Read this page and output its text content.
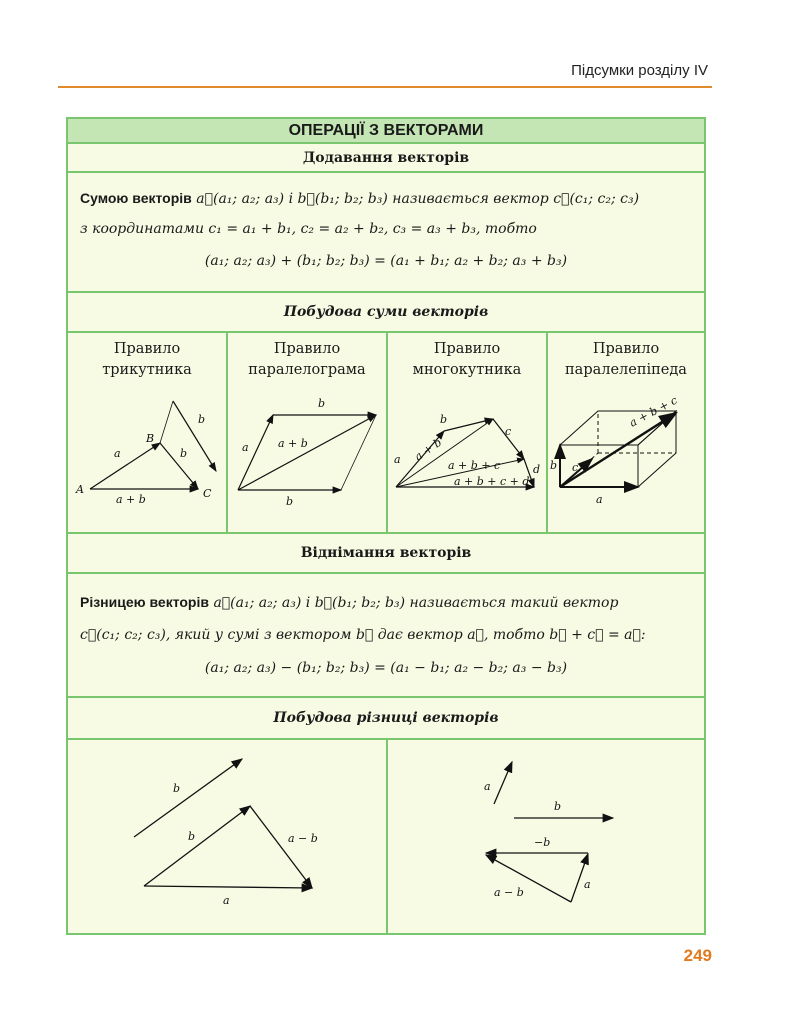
Підсумки розділу IV
ОПЕРАЦІЇ З ВЕКТОРАМИ
Додавання векторів
Сумою векторів a⃗(a₁; a₂; a₃) і b⃗(b₁; b₂; b₃) називається вектор c⃗(c₁; c₂; c₃)
з координатами c₁ = a₁ + b₁, c₂ = a₂ + b₂, c₃ = a₃ + b₃, тобто
(a₁; a₂; a₃) + (b₁; b₂; b₃) = (a₁ + b₁; a₂ + b₂; a₃ + b₃)
Побудова суми векторів
Правило
трикутника
A
B
C
a	b
b
a + b
Правило
паралелограма
a
b
b
a + b
Правило
многокутника
a
b
c
d
a + b
a + b + c
a + b + c + d
Правило
паралелепіпеда
b c
a
a + b + c
Віднімання векторів
Різницею векторів a⃗(a₁; a₂; a₃) і b⃗(b₁; b₂; b₃) називається такий вектор
c⃗(c₁; c₂; c₃), який у сумі з вектором b⃗ дає вектор a⃗, тобто b⃗ + c⃗ = a⃗:
(a₁; a₂; a₃) − (b₁; b₂; b₃) = (a₁ − b₁; a₂ − b₂; a₃ − b₃)
Побудова різниці векторів
b
b	a − b
a
a
b
−b
a
a − b
249
